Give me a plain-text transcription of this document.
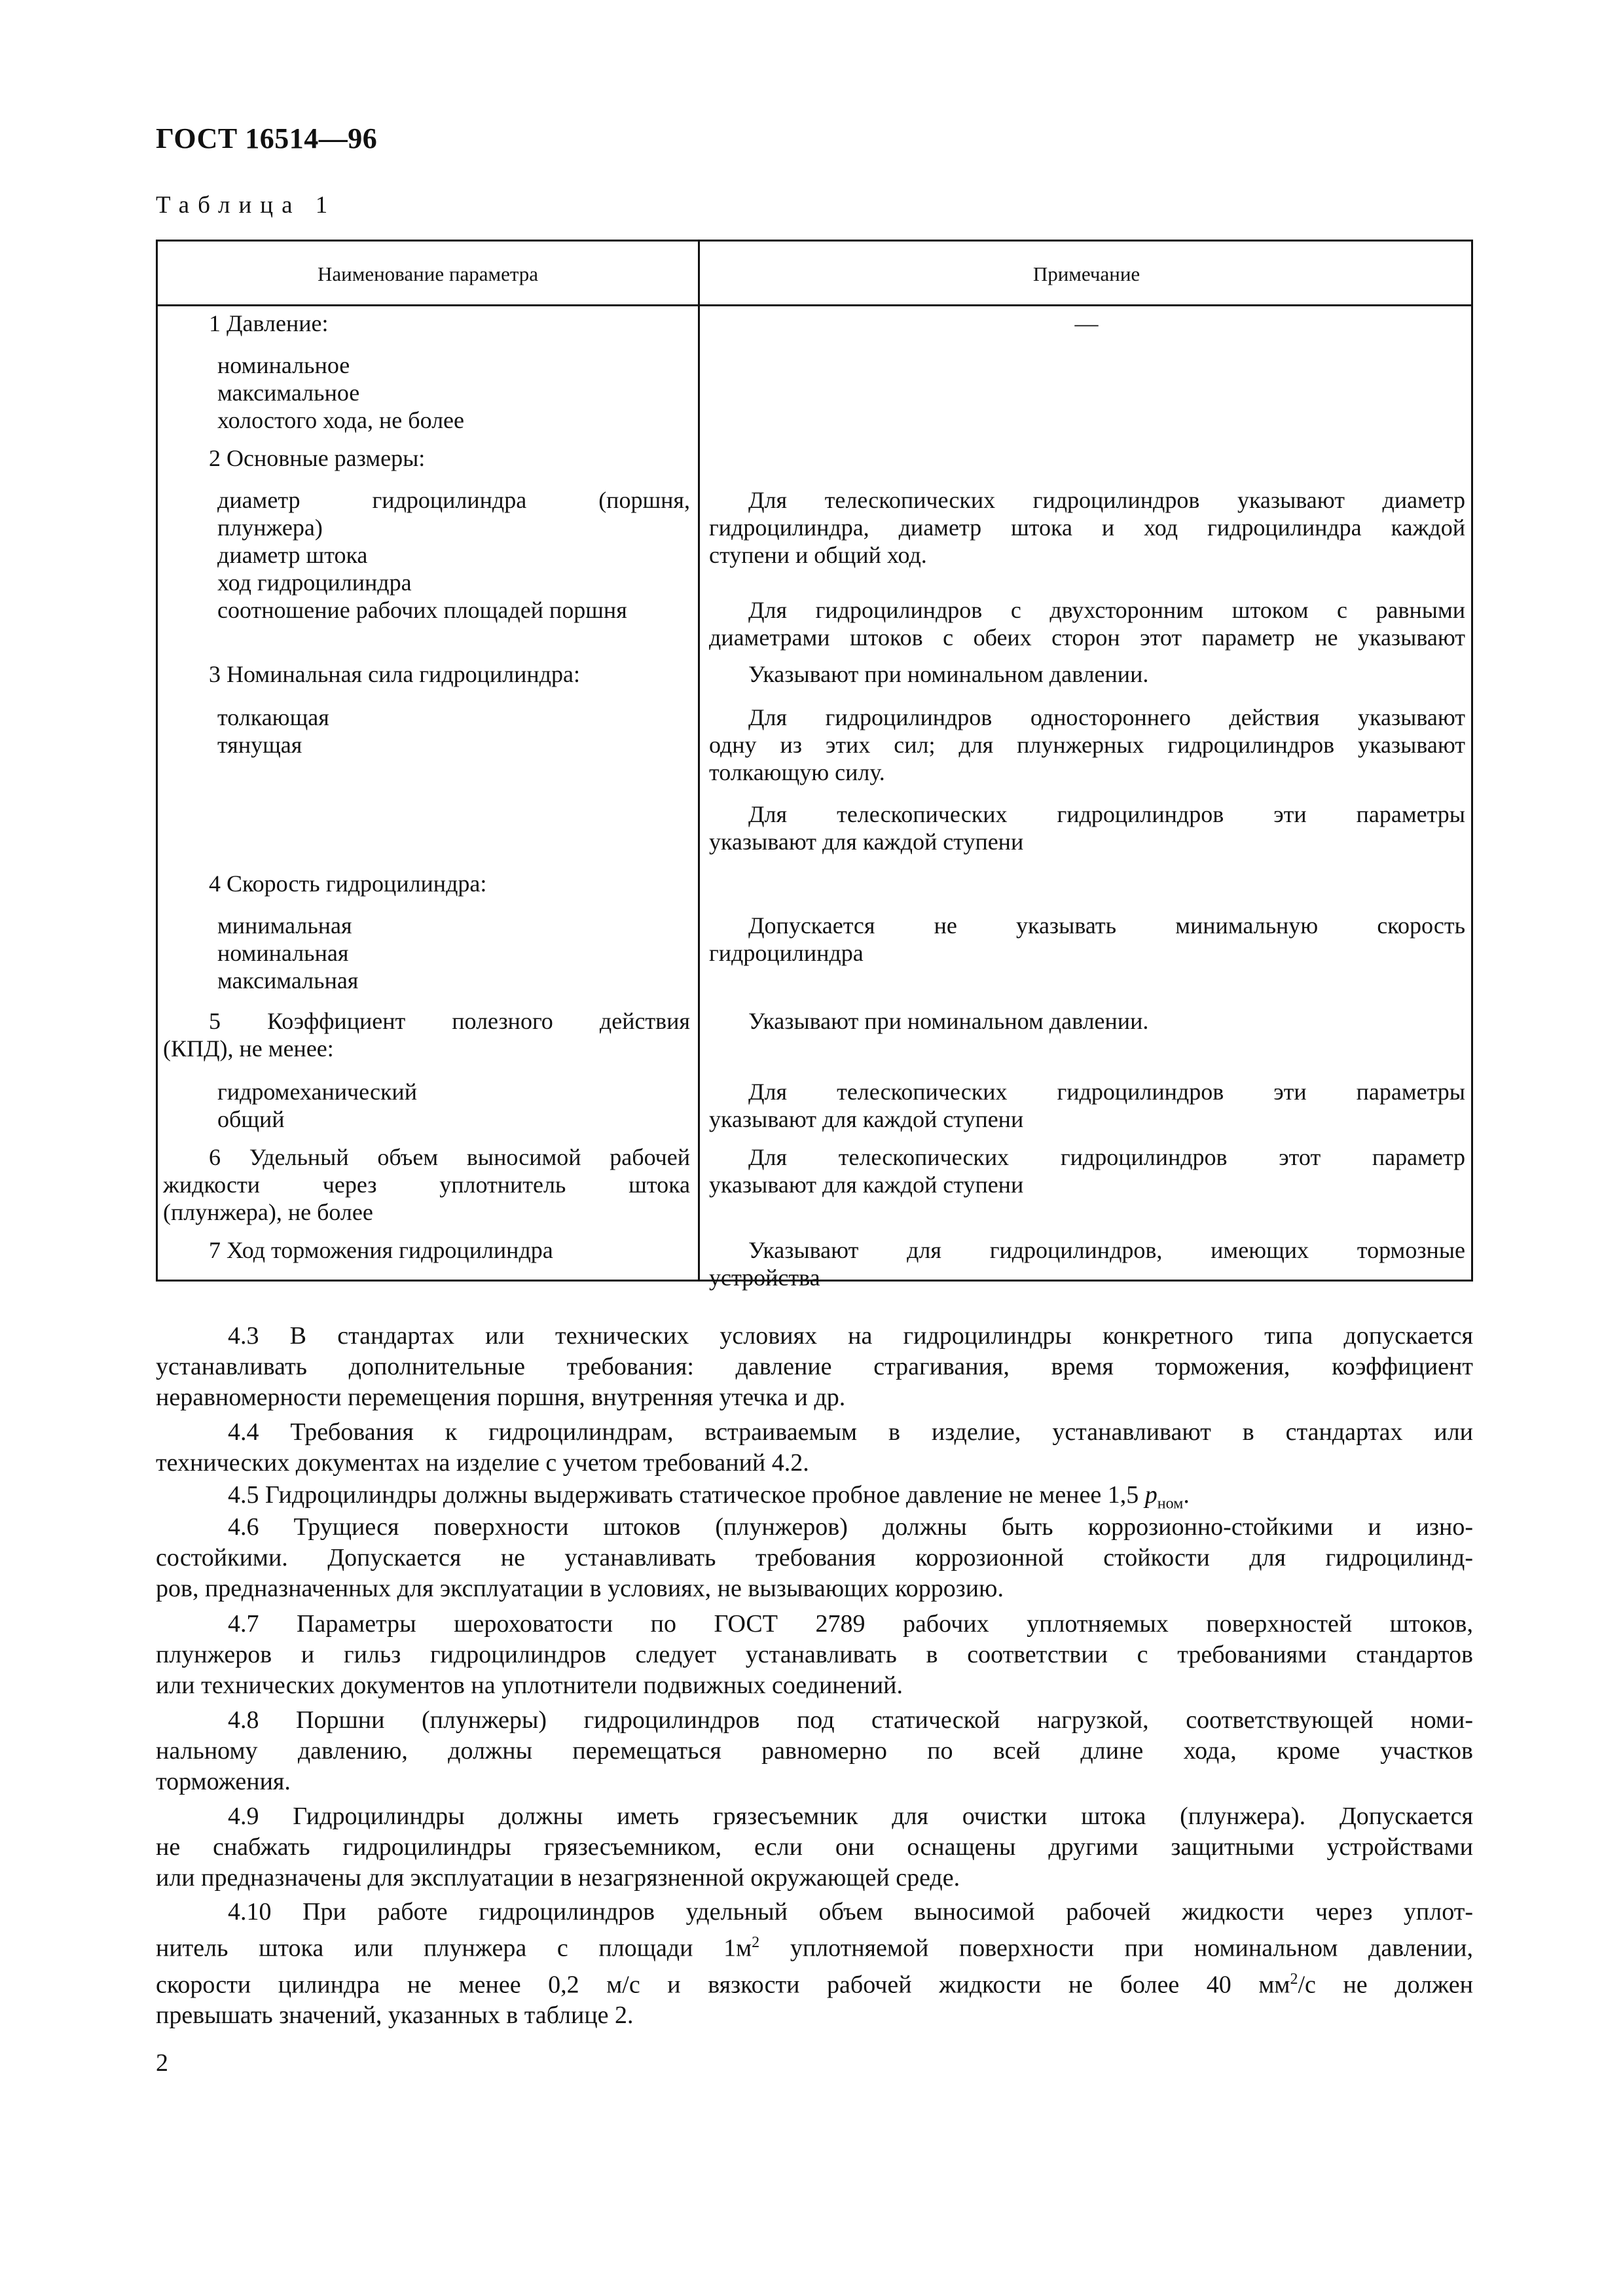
ГОСТ 16514—96
Таблица 1
Наименование параметра	Примечание
—
1 Давление:
номинальное
максимальное
холостого хода, не более
2 Основные размеры:
диаметр гидроцилиндра (поршня,
плунжера)
диаметр штока
ход гидроцилиндра
соотношение рабочих площадей поршня
3 Номинальная сила гидроцилиндра:
толкающая
тянущая
4 Скорость гидроцилиндра:
минимальная
номинальная
максимальная
5 Коэффициент полезного действия
(КПД), не менее:
гидромеханический
общий
6 Удельный объем выносимой рабочей
жидкости через уплотнитель штока
(плунжера), не более
7 Ход торможения гидроцилиндра
Для телескопических гидроцилиндров указывают диаметр
гидроцилиндра, диаметр штока и ход гидроцилиндра каждой
ступени и общий ход.
Для гидроцилиндров с двухсторонним штоком с равными
диаметрами штоков с обеих сторон этот параметр не указывают
Указывают при номинальном давлении.
Для гидроцилиндров одностороннего действия указывают
одну из этих сил; для плунжерных гидроцилиндров указывают
толкающую силу.
Для телескопических гидроцилиндров эти параметры
указывают для каждой ступени
Допускается не указывать минимальную скорость
гидроцилиндра
Указывают при номинальном давлении.
Для телескопических гидроцилиндров эти параметры
указывают для каждой ступени
Для телескопических гидроцилиндров этот параметр
указывают для каждой ступени
Указывают для гидроцилиндров, имеющих тормозные
устройства
4.3 В стандартах или технических условиях на гидроцилиндры конкретного типа допускается
устанавливать дополнительные требования: давление страгивания, время торможения, коэффициент
неравномерности перемещения поршня, внутренняя утечка и др.
4.4 Требования к гидроцилиндрам, встраиваемым в изделие, устанавливают в стандартах или
технических документах на изделие с учетом требований 4.2.
4.5 Гидроцилиндры должны выдерживать статическое пробное давление не менее 1,5 $p_{ном}$.
4.6 Трущиеся поверхности штоков (плунжеров) должны быть коррозионно-стойкими и изно-
состойкими. Допускается не устанавливать требования коррозионной стойкости для гидроцилинд-
ров, предназначенных для эксплуатации в условиях, не вызывающих коррозию.
4.7 Параметры шероховатости по ГОСТ 2789 рабочих уплотняемых поверхностей штоков,
плунжеров и гильз гидроцилиндров следует устанавливать в соответствии с требованиями стандартов
или технических документов на уплотнители подвижных соединений.
4.8 Поршни (плунжеры) гидроцилиндров под статической нагрузкой, соответствующей номи-
нальному давлению, должны перемещаться равномерно по всей длине хода, кроме участков
торможения.
4.9 Гидроцилиндры должны иметь грязесъемник для очистки штока (плунжера). Допускается
не снабжать гидроцилиндры грязесъемником, если они оснащены другими защитными устройствами
или предназначены для эксплуатации в незагрязненной окружающей среде.
4.10 При работе гидроцилиндров удельный объем выносимой рабочей жидкости через уплот-
нитель штока или плунжера с площади $1м^2$ уплотняемой поверхности при номинальном давлении,
скорости цилиндра не менее 0,2 м/с и вязкости рабочей жидкости не более 40 $мм^2/с$ не должен
превышать значений, указанных в таблице 2.
2
